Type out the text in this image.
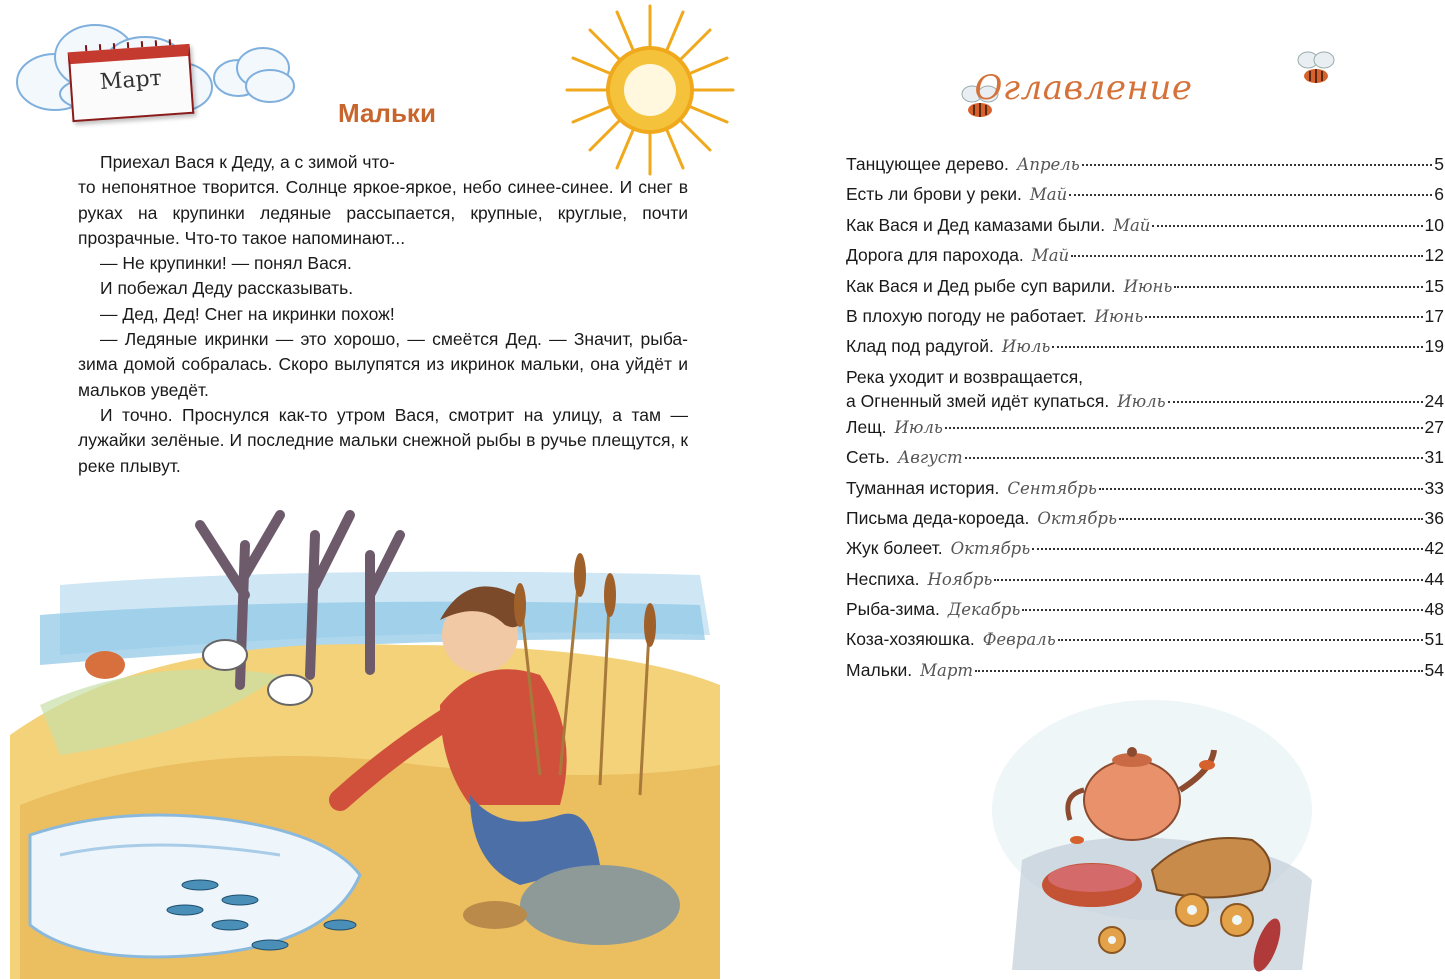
Март
Мальки

Приехал Вася к Деду, а с зимой что-

то непонятное творится. Солнце яркое-яркое, небо синее-синее. И снег в руках на крупинки ледяные рассыпается, крупные, круглые, почти прозрачные. Что-то такое напоминают...

— Не крупинки! — понял Вася.

И побежал Деду рассказывать.

— Дед, Дед! Снег на икринки похож!

— Ледяные икринки — это хорошо, — смеётся Дед. — Значит, рыба-зима домой собралась. Скоро вылупятся из икринок мальки, она уйдёт и мальков уведёт.

И точно. Проснулся как-то утром Вася, смотрит на улицу, а там — лужайки зелёные. И последние мальки снежной рыбы в ручье плещутся, к реке плывут.

Оглавление
Танцующее дерево. Апрель	5
Есть ли брови у реки. Май	6
Как Вася и Дед камазами были. Май	10
Дорога для парохода. Май	12
Как Вася и Дед рыбе суп варили. Июнь	15
В плохую погоду не работает. Июнь	17
Клад под радугой. Июль	19
Река уходит и возвращается,
а Огненный змей идёт купаться. Июль	24
Лещ. Июль	27
Сеть. Август	31
Туманная история. Сентябрь	33
Письма деда-короеда. Октябрь	36
Жук болеет. Октябрь	42
Неспиха. Ноябрь	44
Рыба-зима. Декабрь	48
Коза-хозяюшка. Февраль	51
Мальки. Март	54
